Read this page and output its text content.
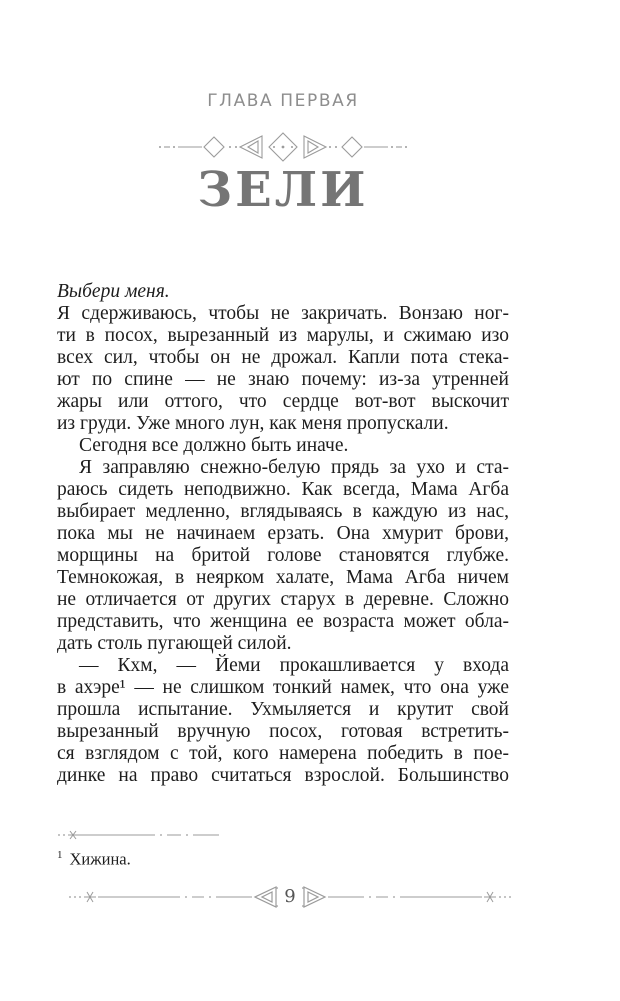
ГЛАВА ПЕРВАЯ
ЗЕЛИ
Выбери меня.
Я сдерживаюсь, чтобы не закричать. Вонзаю ног-
ти в посох, вырезанный из марулы, и сжимаю изо
всех сил, чтобы он не дрожал. Капли пота стека-
ют по спине — не знаю почему: из-за утренней
жары или оттого, что сердце вот-вот выскочит
из груди. Уже много лун, как меня пропускали.
Сегодня все должно быть иначе.
Я заправляю снежно-белую прядь за ухо и ста-
раюсь сидеть неподвижно. Как всегда, Мама Агба
выбирает медленно, вглядываясь в каждую из нас,
пока мы не начинаем ерзать. Она хмурит брови,
морщины на бритой голове становятся глубже.
Темнокожая, в неярком халате, Мама Агба ничем
не отличается от других старух в деревне. Сложно
представить, что женщина ее возраста может обла-
дать столь пугающей силой.
— Кхм, — Йеми прокашливается у входа
в ахэре¹ — не слишком тонкий намек, что она уже
прошла испытание. Ухмыляется и крутит свой
вырезанный вручную посох, готовая встретить-
ся взглядом с той, кого намерена победить в пое-
динке на право считаться взрослой. Большинство
$^1$ Хижина.
9
